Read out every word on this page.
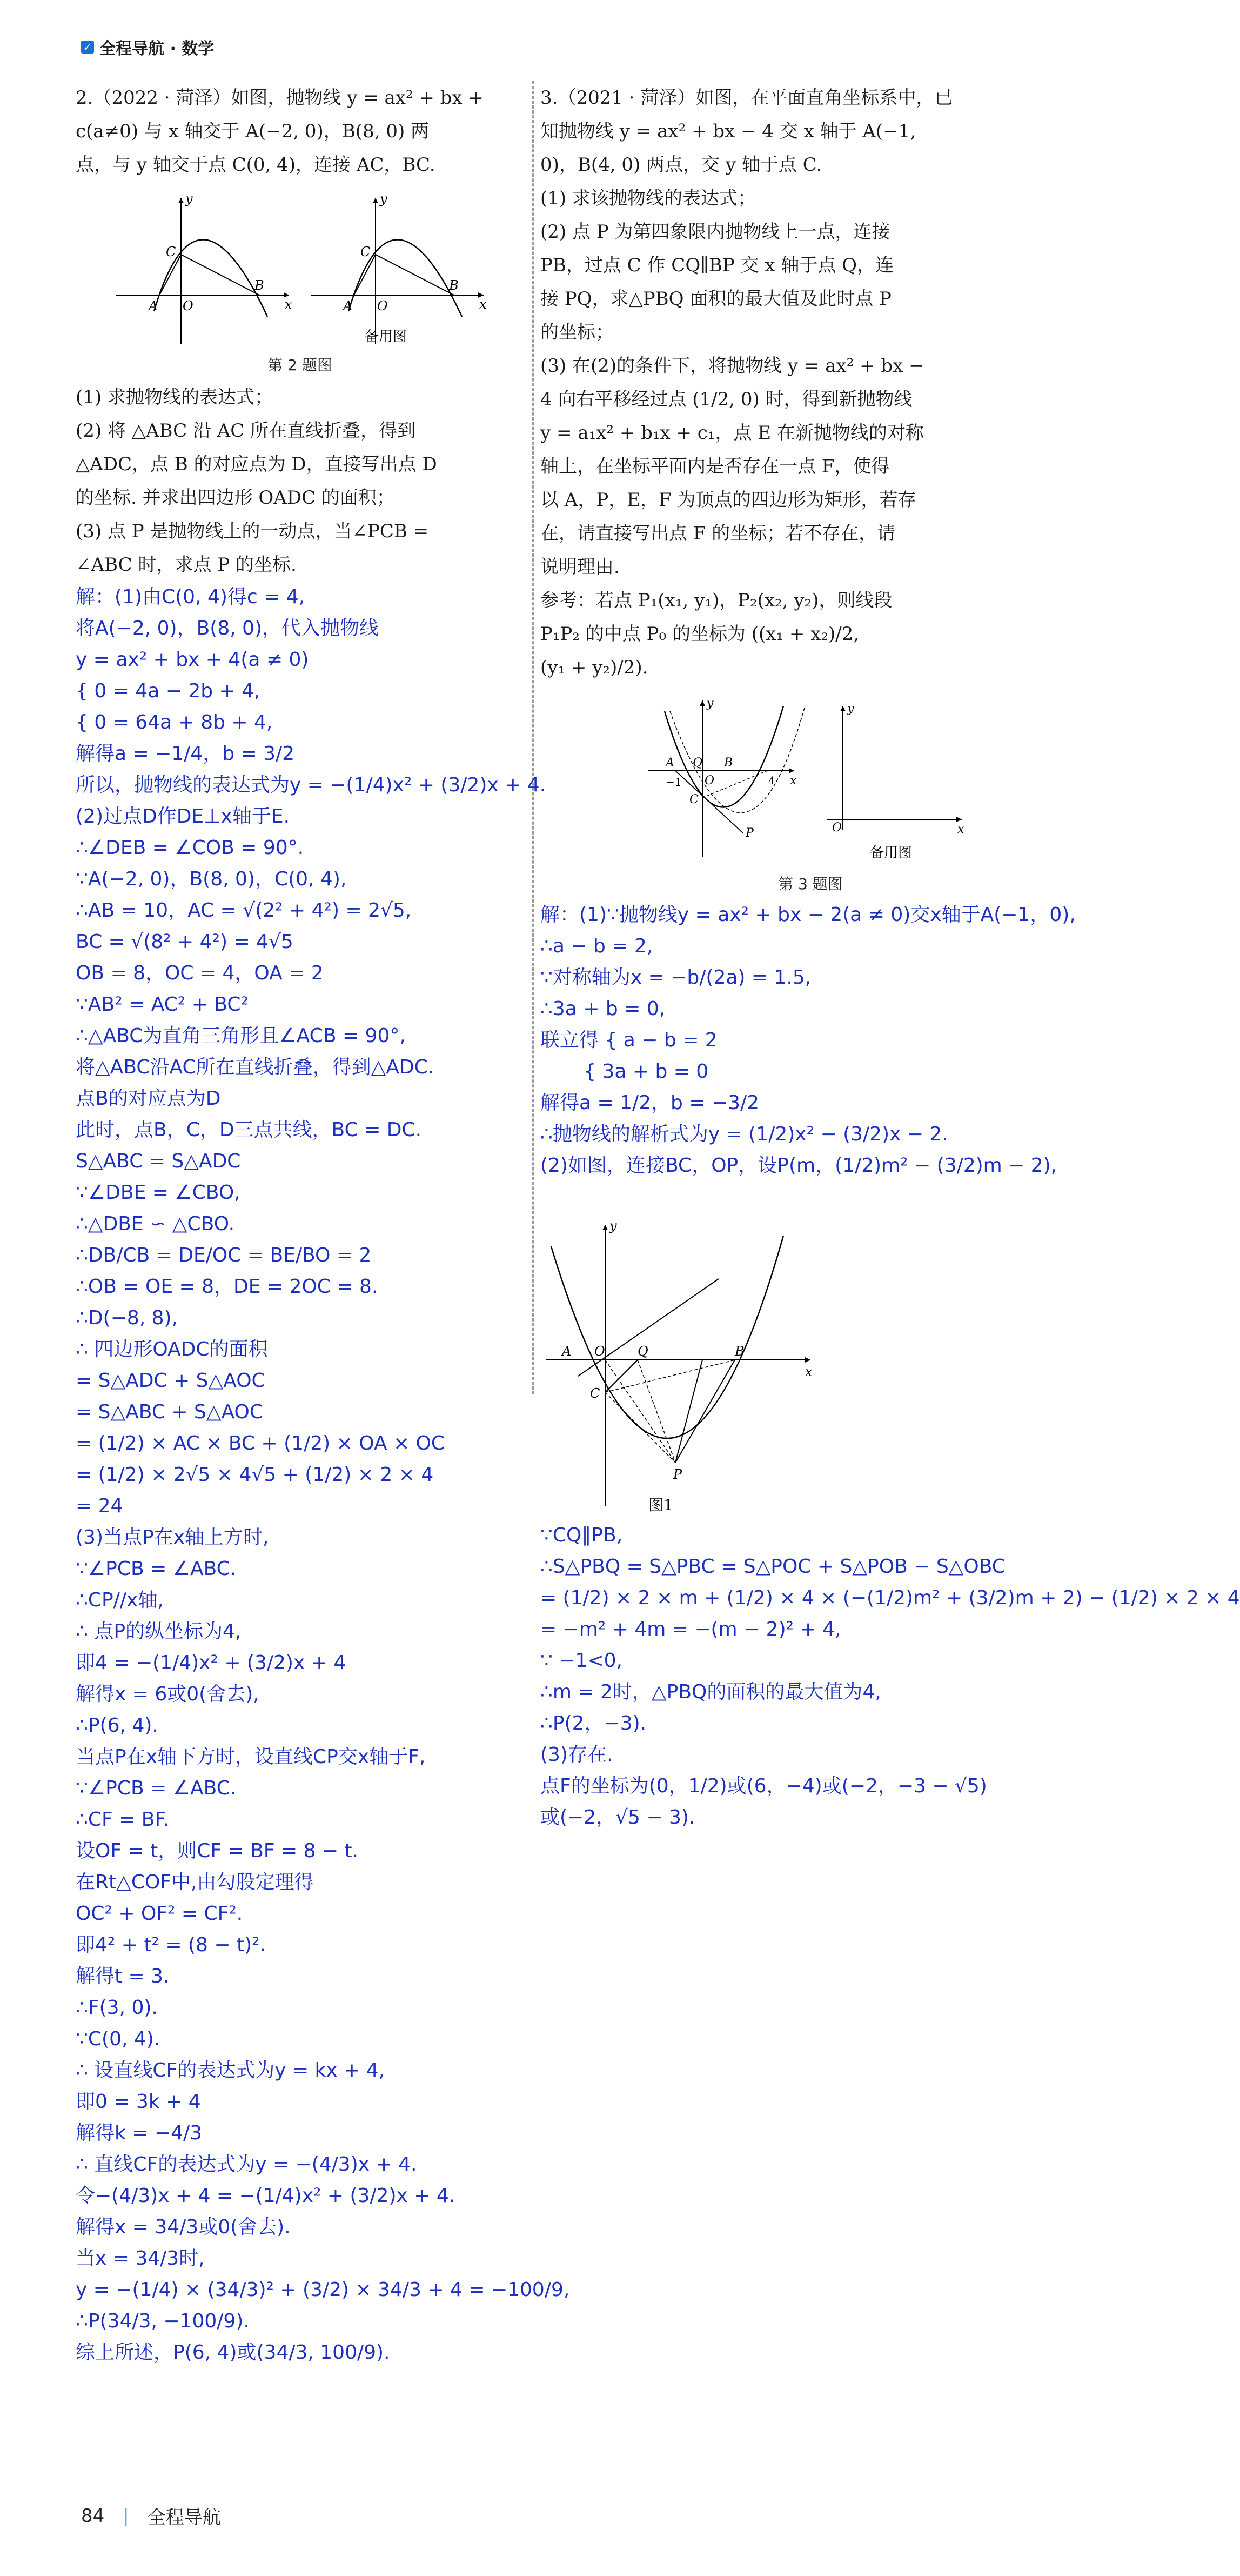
✓ 全程导航 · 数学

2.（2022 · 菏泽）如图，抛物线 y = ax² + bx +

c(a≠0) 与 x 轴交于 A(−2, 0)，B(8, 0) 两

点，与 y 轴交于点 C(0, 4)，连接 AC，BC.

y
x
A O
B
C
y
x
A O
B
C
备用图
第 2 题图

(1) 求抛物线的表达式；

(2) 将 △ABC 沿 AC 所在直线折叠，得到

△ADC，点 B 的对应点为 D，直接写出点 D

的坐标. 并求出四边形 OADC 的面积；

(3) 点 P 是抛物线上的一动点，当∠PCB =

∠ABC 时，求点 P 的坐标.

解：(1)由C(0, 4)得c = 4,

将A(−2, 0)，B(8, 0)，代入抛物线

y = ax² + bx + 4(a ≠ 0)

{ 0 = 4a − 2b + 4,

{ 0 = 64a + 8b + 4,

解得a = −1/4，b = 3/2

所以，抛物线的表达式为y = −(1/4)x² + (3/2)x + 4.

(2)过点D作DE⊥x轴于E.

∴∠DEB = ∠COB = 90°.

∵A(−2, 0)，B(8, 0)，C(0, 4),

∴AB = 10，AC = √(2² + 4²) = 2√5,

BC = √(8² + 4²) = 4√5

OB = 8，OC = 4，OA = 2

∵AB² = AC² + BC²

∴△ABC为直角三角形且∠ACB = 90°,

将△ABC沿AC所在直线折叠，得到△ADC.

点B的对应点为D

此时，点B，C，D三点共线，BC = DC.

S△ABC = S△ADC

∵∠DBE = ∠CBO,

∴△DBE ∽ △CBO.

∴DB/CB = DE/OC = BE/BO = 2

∴OB = OE = 8，DE = 2OC = 8.

∴D(−8, 8),

∴ 四边形OADC的面积

= S△ADC + S△AOC

= S△ABC + S△AOC

= (1/2) × AC × BC + (1/2) × OA × OC

= (1/2) × 2√5 × 4√5 + (1/2) × 2 × 4

= 24

(3)当点P在x轴上方时,

∵∠PCB = ∠ABC.

∴CP//x轴,

∴ 点P的纵坐标为4,

即4 = −(1/4)x² + (3/2)x + 4

解得x = 6或0(舍去),

∴P(6, 4).

当点P在x轴下方时，设直线CP交x轴于F,

∵∠PCB = ∠ABC.

∴CF = BF.

设OF = t，则CF = BF = 8 − t.

在Rt△COF中,由勾股定理得

OC² + OF² = CF².

即4² + t² = (8 − t)².

解得t = 3.

∴F(3, 0).

∵C(0, 4).

∴ 设直线CF的表达式为y = kx + 4,

即0 = 3k + 4

解得k = −4/3

∴ 直线CF的表达式为y = −(4/3)x + 4.

令−(4/3)x + 4 = −(1/4)x² + (3/2)x + 4.

解得x = 34/3或0(舍去).

当x = 34/3时,

y = −(1/4) × (34/3)² + (3/2) × 34/3 + 4 = −100/9,

∴P(34/3, −100/9).

综上所述，P(6, 4)或(34/3, 100/9).

3.（2021 · 菏泽）如图，在平面直角坐标系中，已

知抛物线 y = ax² + bx − 4 交 x 轴于 A(−1,

0)，B(4, 0) 两点，交 y 轴于点 C.

(1) 求该抛物线的表达式；

(2) 点 P 为第四象限内抛物线上一点，连接

PB，过点 C 作 CQ∥BP 交 x 轴于点 Q，连

接 PQ，求△PBQ 面积的最大值及此时点 P

的坐标；

(3) 在(2)的条件下，将抛物线 y = ax² + bx −

4 向右平移经过点 (1/2, 0) 时，得到新抛物线

y = a₁x² + b₁x + c₁，点 E 在新抛物线的对称

轴上，在坐标平面内是否存在一点 F，使得

以 A，P，E，F 为顶点的四边形为矩形，若存

在，请直接写出点 F 的坐标；若不存在，请

说明理由.

参考：若点 P₁(x₁, y₁)，P₂(x₂, y₂)，则线段

P₁P₂ 的中点 P₀ 的坐标为 ((x₁ + x₂)/2,

(y₁ + y₂)/2).

y
x
A Q
O
B
C
P
−1	4
y
x
O
备用图
第 3 题图

解：(1)∵抛物线y = ax² + bx − 2(a ≠ 0)交x轴于A(−1，0),

∴a − b = 2,

∵对称轴为x = −b/(2a) = 1.5,

∴3a + b = 0,

联立得 { a − b = 2

{ 3a + b = 0

解得a = 1/2，b = −3/2

∴抛物线的解析式为y = (1/2)x² − (3/2)x − 2.

(2)如图，连接BC，OP，设P(m，(1/2)m² − (3/2)m − 2),

y
x
A O	Q	B
C
P
图1

∵CQ∥PB,

∴S△PBQ = S△PBC = S△POC + S△POB − S△OBC

= (1/2) × 2 × m + (1/2) × 4 × (−(1/2)m² + (3/2)m + 2) − (1/2) × 2 × 4

= −m² + 4m = −(m − 2)² + 4,

∵ −1<0,

∴m = 2时，△PBQ的面积的最大值为4,

∴P(2，−3).

(3)存在.

点F的坐标为(0，1/2)或(6，−4)或(−2，−3 − √5)

或(−2，√5 − 3).

84 | 全程导航
